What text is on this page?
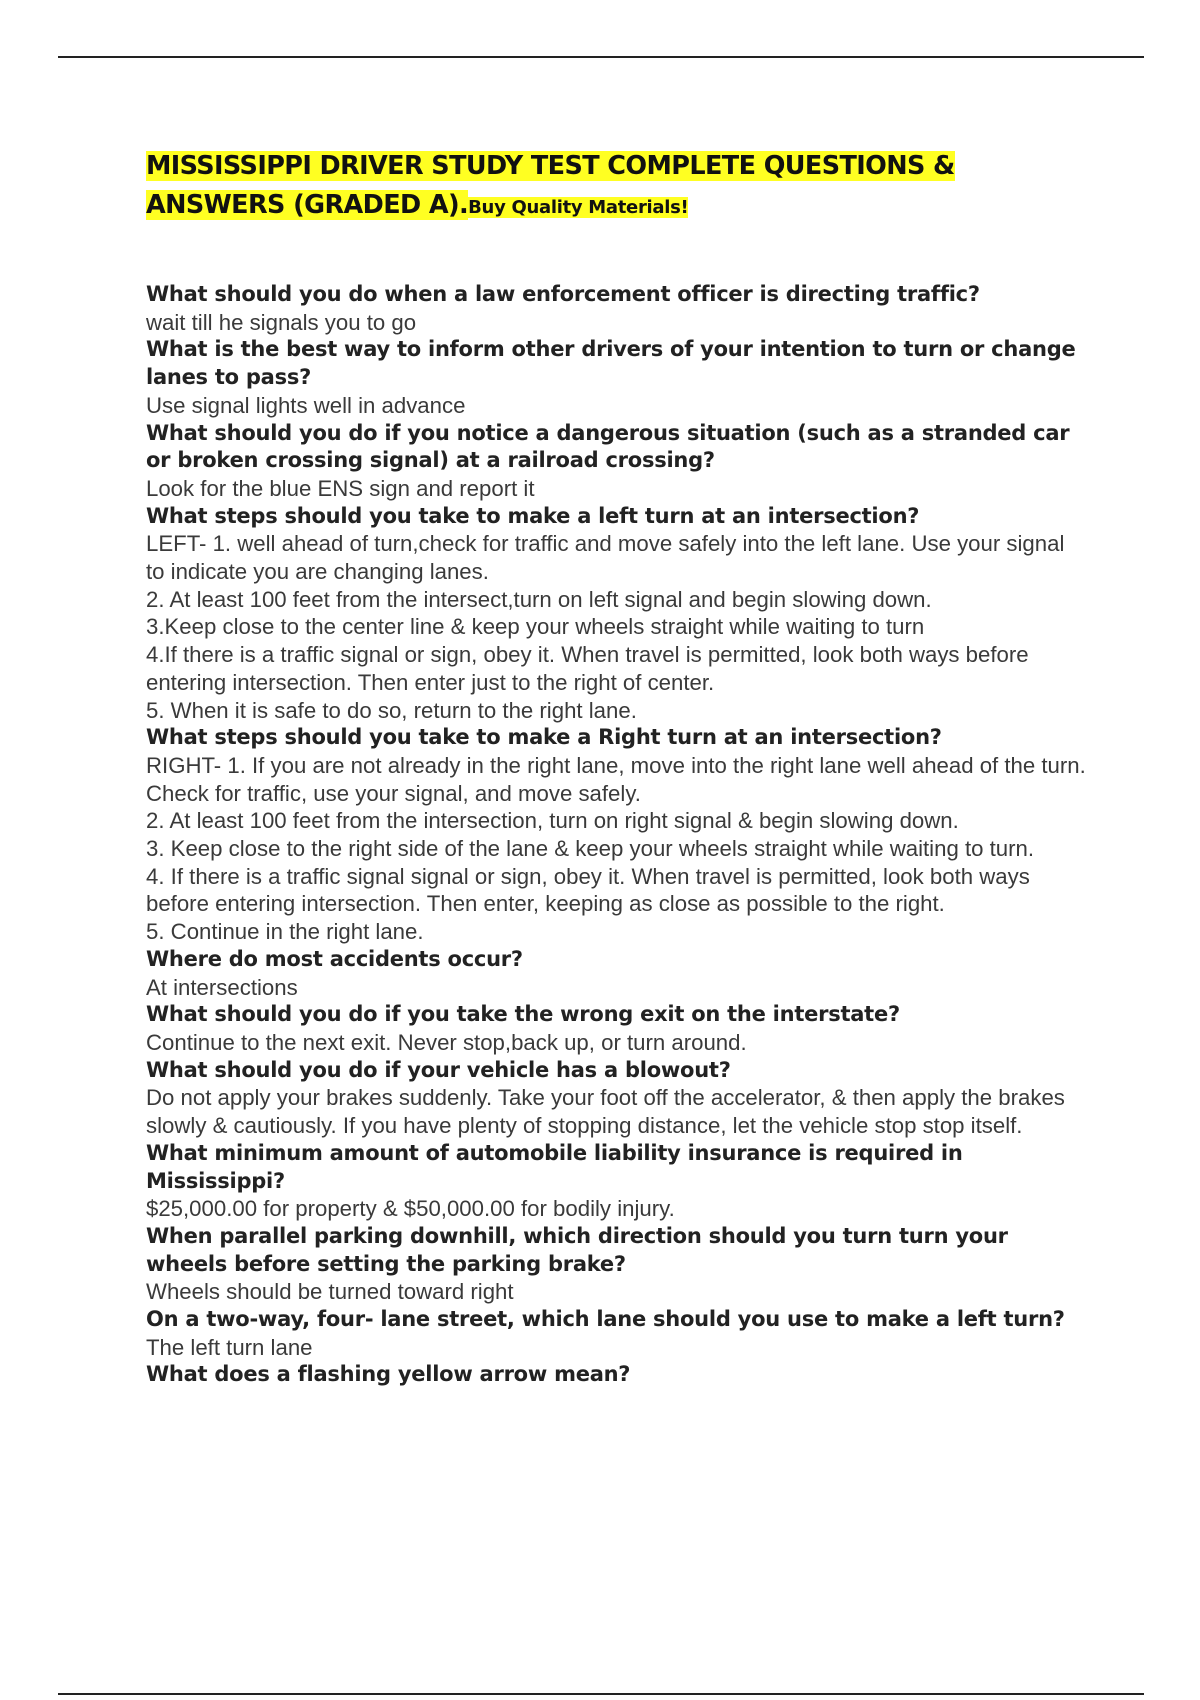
MISSISSIPPI DRIVER STUDY TEST COMPLETE QUESTIONS & ANSWERS (GRADED A).Buy Quality Materials!

What should you do when a law enforcement officer is directing traffic?

wait till he signals you to go

What is the best way to inform other drivers of your intention to turn or change lanes to pass?

Use signal lights well in advance

What should you do if you notice a dangerous situation (such as a stranded car or broken crossing signal) at a railroad crossing?

Look for the blue ENS sign and report it

What steps should you take to make a left turn at an intersection?

LEFT- 1. well ahead of turn,check for traffic and move safely into the left lane. Use your signal to indicate you are changing lanes.
2. At least 100 feet from the intersect,turn on left signal and begin slowing down.
3.Keep close to the center line & keep your wheels straight while waiting to turn
4.If there is a traffic signal or sign, obey it. When travel is permitted, look both ways before entering intersection. Then enter just to the right of center.
5. When it is safe to do so, return to the right lane.

What steps should you take to make a Right turn at an intersection?

RIGHT- 1. If you are not already in the right lane, move into the right lane well ahead of the turn. Check for traffic, use your signal, and move safely.
2. At least 100 feet from the intersection, turn on right signal & begin slowing down.
3. Keep close to the right side of the lane & keep your wheels straight while waiting to turn.
4. If there is a traffic signal signal or sign, obey it. When travel is permitted, look both ways before entering intersection. Then enter, keeping as close as possible to the right.
5. Continue in the right lane.

Where do most accidents occur?

At intersections

What should you do if you take the wrong exit on the interstate?

Continue to the next exit. Never stop,back up, or turn around.

What should you do if your vehicle has a blowout?

Do not apply your brakes suddenly. Take your foot off the accelerator, & then apply the brakes slowly & cautiously. If you have plenty of stopping distance, let the vehicle stop stop itself.

What minimum amount of automobile liability insurance is required in Mississippi?

$25,000.00 for property & $50,000.00 for bodily injury.

When parallel parking downhill, which direction should you turn turn your wheels before setting the parking brake?

Wheels should be turned toward right

On a two-way, four- lane street, which lane should you use to make a left turn?

The left turn lane

What does a flashing yellow arrow mean?
